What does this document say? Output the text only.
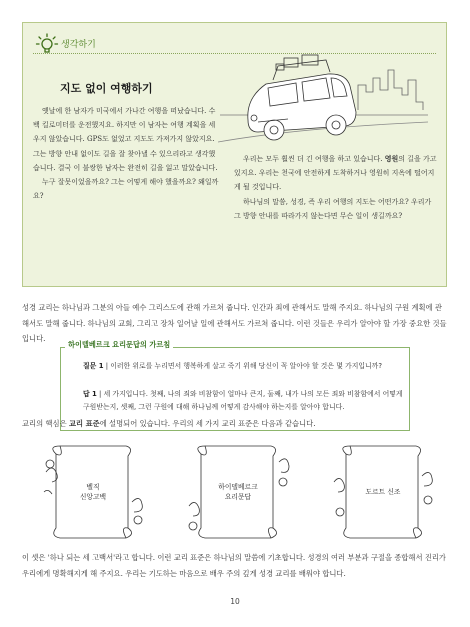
생각하기
지도 없이 여행하기

옛날에 한 남자가 미국에서 가나간 여행을 떠났습니다. 수백 킬로미터를 운전했지요. 하지만 이 남자는 여행 계획을 세우지 않았습니다. GPS도 없었고 지도도 가져가지 않았지요. 그는 방향 안내 없이도 길을 잘 찾아낼 수 있으리라고 생각했습니다. 결국 이 불쌍한 남자는 완전히 길을 잃고 말았습니다.

누구 잘못이었을까요? 그는 어떻게 해야 했을까요? 왜일까요?

우리는 모두 훨씬 더 긴 여행을 하고 있습니다. 영원의 길을 가고 있지요. 우리는 천국에 안전하게 도착하거나 영원히 지옥에 떨어지게 될 것입니다.

하나님의 말씀, 성경, 즉 우리 여행의 지도는 어떤가요? 우리가 그 방향 안내를 따라가지 않는다면 무슨 일이 생길까요?

성경 교리는 하나님과 그분의 아들 예수 그리스도에 관해 가르쳐 줍니다. 인간과 죄에 관해서도 말해 주지요. 하나님의 구원 계획에 관해서도 말해 줍니다. 하나님의 교회, 그리고 장차 일어날 일에 관해서도 가르쳐 줍니다. 이런 것들은 우리가 알아야 할 가장 중요한 것들입니다.
하이델베르크 요리문답의 가르침
질문 1 | 이러한 위로를 누리면서 행복하게 살고 죽기 위해 당신이 꼭 알아야 할 것은 몇 가지입니까?
답 1 | 세 가지입니다. 첫째, 나의 죄와 비참함이 얼마나 큰지, 둘째, 내가 나의 모든 죄와 비참함에서 어떻게 구원받는지, 셋째, 그런 구원에 대해 하나님께 어떻게 감사해야 하는지를 알아야 합니다.
교리의 핵심은 교리 표준에 설명되어 있습니다. 우리의 세 가지 교리 표준은 다음과 같습니다.
벨직
신앙고백
하이델베르크
요리문답
도르트 신조
이 셋은 '하나 되는 세 고백서'라고 합니다. 이런 교리 표준은 하나님의 말씀에 기초합니다. 성경의 여러 부분과 구절을 종합해서 진리가 우리에게 명확해지게 해 주지요. 우리는 기도하는 마음으로 배우 주의 깊게 성경 교리를 배워야 합니다.
10
